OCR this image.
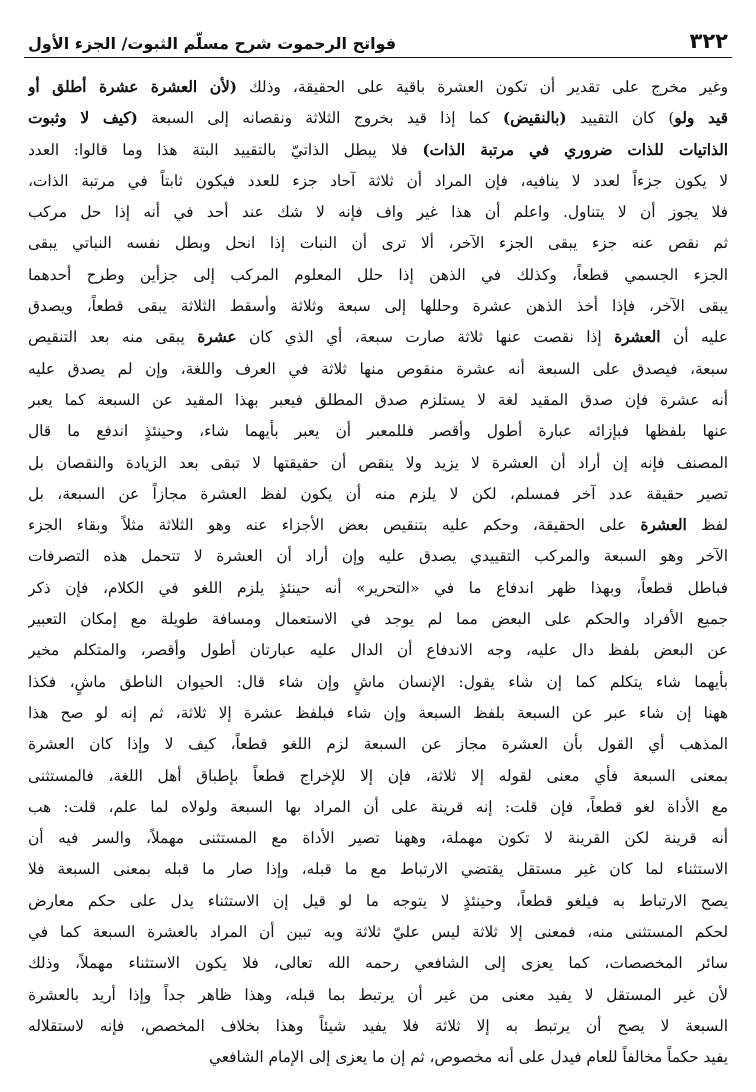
٣٢٢
فواتح الرحموت شرح مسلّم الثبوت/ الجزء الأول
وغير مخرج على تقدير أن تكون العشرة باقية على الحقيقة، وذلك (لأن العشرة عشرة أطلق أو
قيد ولو) كان التقييد (بالنقيض) كما إذا قيد بخروج الثلاثة ونقصانه إلى السبعة (كيف لا وثبوت
الذاتيات للذات ضروري في مرتبة الذات) فلا يبطل الذاتيّ بالتقييد البتة هذا وما قالوا: العدد
لا يكون جزءاً لعدد لا ينافيه، فإن المراد أن ثلاثة آحاد جزء للعدد فيكون ثابتاً في مرتبة الذات،
فلا يجوز أن لا يتناول. واعلم أن هذا غير واف فإنه لا شك عند أحد في أنه إذا حل مركب
ثم نقص عنه جزء يبقى الجزء الآخر، ألا ترى أن النبات إذا انحل وبطل نفسه النباتي يبقى
الجزء الجسمي قطعاً، وكذلك في الذهن إذا حلل المعلوم المركب إلى جزأين وطرح أحدهما
يبقى الآخر، فإذا أخذ الذهن عشرة وحللها إلى سبعة وثلاثة وأسقط الثلاثة يبقى قطعاً، ويصدق
عليه أن العشرة إذا نقصت عنها ثلاثة صارت سبعة، أي الذي كان عشرة يبقى منه بعد التنقيص
سبعة، فيصدق على السبعة أنه عشرة منقوص منها ثلاثة في العرف واللغة، وإن لم يصدق عليه
أنه عشرة فإن صدق المقيد لغة لا يستلزم صدق المطلق فيعبر بهذا المقيد عن السبعة كما يعبر
عنها بلفظها فبإزائه عبارة أطول وأقصر فللمعبر أن يعبر بأيهما شاء، وحينئذٍ اندفع ما قال
المصنف فإنه إن أراد أن العشرة لا يزيد ولا ينقص أن حقيقتها لا تبقى بعد الزيادة والنقصان بل
تصير حقيقة عدد آخر فمسلم، لكن لا يلزم منه أن يكون لفظ العشرة مجازاً عن السبعة، بل
لفظ العشرة على الحقيقة، وحكم عليه بتنقيص بعض الأجزاء عنه وهو الثلاثة مثلاً وبقاء الجزء
الآخر وهو السبعة والمركب التقييدي يصدق عليه وإن أراد أن العشرة لا تتحمل هذه التصرفات
فباطل قطعاً، وبهذا ظهر اندفاع ما في «التحرير» أنه حينئذٍ يلزم اللغو في الكلام، فإن ذكر
جميع الأفراد والحكم على البعض مما لم يوجد في الاستعمال ومسافة طويلة مع إمكان التعبير
عن البعض بلفظ دال عليه، وجه الاندفاع أن الدال عليه عبارتان أطول وأقصر، والمتكلم مخير
بأيهما شاء يتكلم كما إن شاء يقول: الإنسان ماشٍ وإن شاء قال: الحيوان الناطق ماشٍ، فكذا
ههنا إن شاء عبر عن السبعة بلفظ السبعة وإن شاء فبلفظ عشرة إلا ثلاثة، ثم إنه لو صح هذا
المذهب أي القول بأن العشرة مجاز عن السبعة لزم اللغو قطعاً، كيف لا وإذا كان العشرة
بمعنى السبعة فأي معنى لقوله إلا ثلاثة، فإن إلا للإخراج قطعاً بإطباق أهل اللغة، فالمستثنى
مع الأداة لغو قطعاً، فإن قلت: إنه قرينة على أن المراد بها السبعة ولولاه لما علم، قلت: هب
أنه قرينة لكن القرينة لا تكون مهملة، وههنا تصير الأداة مع المستثنى مهملاً، والسر فيه أن
الاستثناء لما كان غير مستقل يقتضي الارتباط مع ما قبله، وإذا صار ما قبله بمعنى السبعة فلا
يصح الارتباط به فيلغو قطعاً، وحينئذٍ لا يتوجه ما لو قيل إن الاستثناء يدل على حكم معارض
لحكم المستثنى منه، فمعنى إلا ثلاثة ليس عليّ ثلاثة وبه تبين أن المراد بالعشرة السبعة كما في
سائر المخصصات، كما يعزى إلى الشافعي رحمه الله تعالى، فلا يكون الاستثناء مهملاً، وذلك
لأن غير المستقل لا يفيد معنى من غير أن يرتبط بما قبله، وهذا ظاهر جداً وإذا أريد بالعشرة
السبعة لا يصح أن يرتبط به إلا ثلاثة فلا يفيد شيئاً وهذا بخلاف المخصص، فإنه لاستقلاله
يفيد حكماً مخالفاً للعام فيدل على أنه مخصوص، ثم إن ما يعزى إلى الإمام الشافعي
